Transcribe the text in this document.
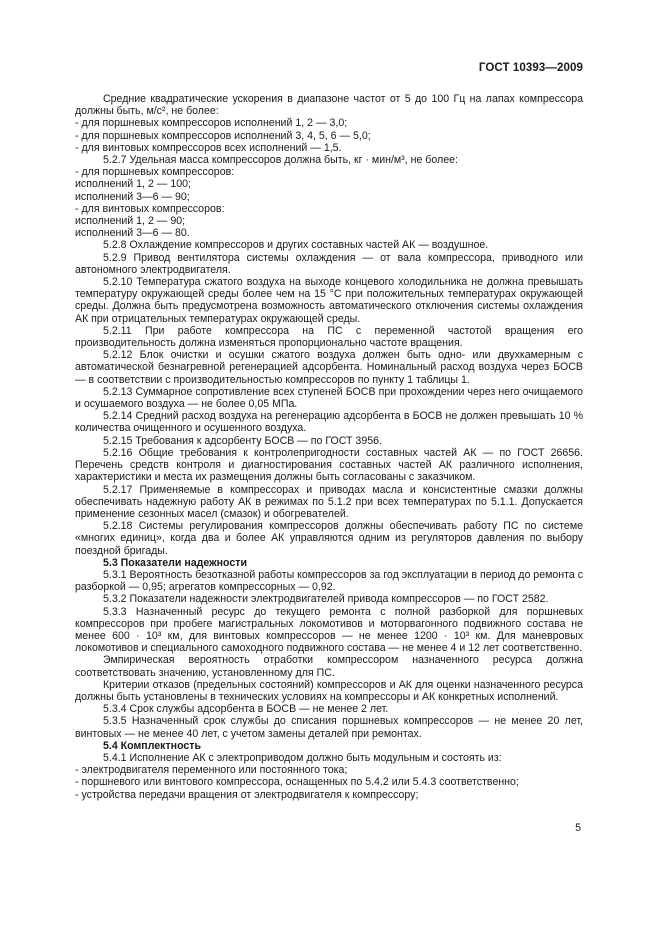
ГОСТ 10393—2009

Средние квадратические ускорения в диапазоне частот от 5 до 100 Гц на лапах компрессора должны быть, м/с², не более:

- для поршневых компрессоров исполнений 1, 2 — 3,0;

- для поршневых компрессоров исполнений 3, 4, 5, 6 — 5,0;

- для винтовых компрессоров всех исполнений — 1,5.

5.2.7 Удельная масса компрессоров должна быть, кг · мин/м³, не более:

- для поршневых компрессоров:

исполнений 1, 2 — 100;

исполнений 3—6 — 90;

- для винтовых компрессоров:

исполнений 1, 2 — 90;

исполнений 3—6 — 80.

5.2.8 Охлаждение компрессоров и других составных частей АК — воздушное.

5.2.9 Привод вентилятора системы охлаждения — от вала компрессора, приводного или автономного электродвигателя.

5.2.10 Температура сжатого воздуха на выходе концевого холодильника не должна превышать температуру окружающей среды более чем на 15 °С при положительных температурах окружающей среды. Должна быть предусмотрена возможность автоматического отключения системы охлаждения АК при отрицательных температурах окружающей среды.

5.2.11 При работе компрессора на ПС с переменной частотой вращения его производительность должна изменяться пропорционально частоте вращения.

5.2.12 Блок очистки и осушки сжатого воздуха должен быть одно- или двухкамерным с автоматической безнагревной регенерацией адсорбента. Номинальный расход воздуха через БОСВ — в соответствии с производительностью компрессоров по пункту 1 таблицы 1.

5.2.13 Суммарное сопротивление всех ступеней БОСВ при прохождении через него очищаемого и осушаемого воздуха — не более 0,05 МПа.

5.2.14 Средний расход воздуха на регенерацию адсорбента в БОСВ не должен превышать 10 % количества очищенного и осушенного воздуха.

5.2.15 Требования к адсорбенту БОСВ — по ГОСТ 3956.

5.2.16 Общие требования к контролепригодности составных частей АК — по ГОСТ 26656. Перечень средств контроля и диагностирования составных частей АК различного исполнения, характеристики и места их размещения должны быть согласованы с заказчиком.

5.2.17 Применяемые в компрессорах и приводах масла и консистентные смазки должны обеспечивать надежную работу АК в режимах по 5.1.2 при всех температурах по 5.1.1. Допускается применение сезонных масел (смазок) и обогревателей.

5.2.18 Системы регулирования компрессоров должны обеспечивать работу ПС по системе «многих единиц», когда два и более АК управляются одним из регуляторов давления по выбору поездной бригады.

5.3 Показатели надежности

5.3.1 Вероятность безотказной работы компрессоров за год эксплуатации в период до ремонта с разборкой — 0,95; агрегатов компрессорных — 0,92.

5.3.2 Показатели надежности электродвигателей привода компрессоров — по ГОСТ 2582.

5.3.3 Назначенный ресурс до текущего ремонта с полной разборкой для поршневых компрессоров при пробеге магистральных локомотивов и моторвагонного подвижного состава не менее 600 · 10³ км, для винтовых компрессоров — не менее 1200 · 10³ км. Для маневровых локомотивов и специального самоходного подвижного состава — не менее 4 и 12 лет соответственно.

Эмпирическая вероятность отработки компрессором назначенного ресурса должна соответствовать значению, установленному для ПС.

Критерии отказов (предельных состояний) компрессоров и АК для оценки назначенного ресурса должны быть установлены в технических условиях на компрессоры и АК конкретных исполнений.

5.3.4 Срок службы адсорбента в БОСВ — не менее 2 лет.

5.3.5 Назначенный срок службы до списания поршневых компрессоров — не менее 20 лет, винтовых — не менее 40 лет, с учетом замены деталей при ремонтах.

5.4 Комплектность

5.4.1 Исполнение АК с электроприводом должно быть модульным и состоять из:

- электродвигателя переменного или постоянного тока;

- поршневого или винтового компрессора, оснащенных по 5.4.2 или 5.4.3 соответственно;

- устройства передачи вращения от электродвигателя к компрессору;

5
